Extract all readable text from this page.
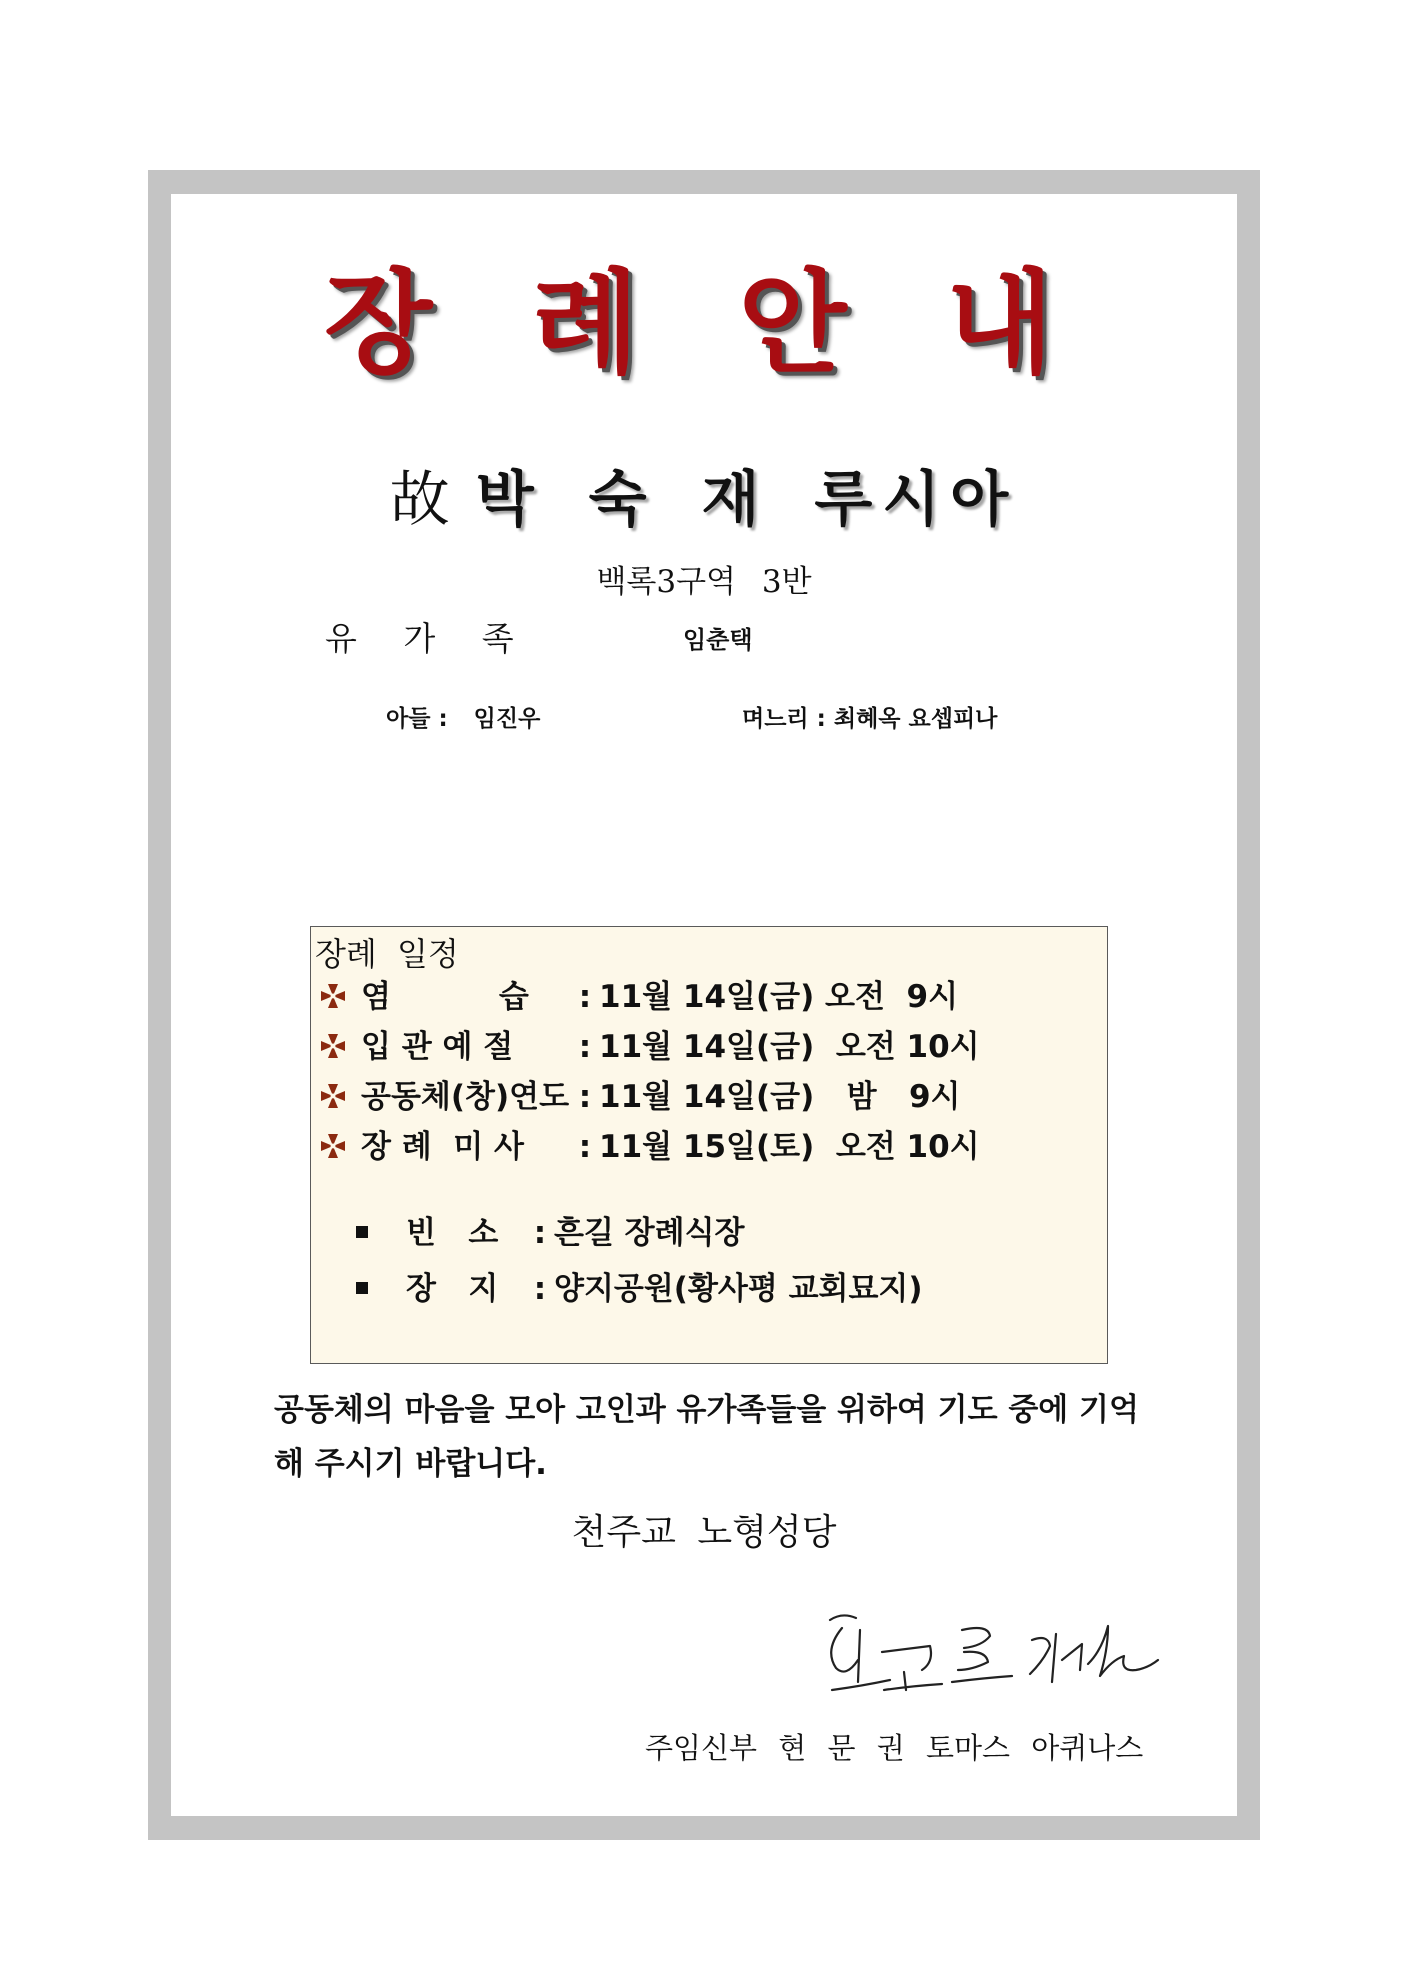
장 례 안 내
故 박 숙 재 루시아
백록3구역 3반
유 가 족	임춘택
아들 : 임진우	며느리 : 최혜옥 요셉피나
장례 일정
염          습 : 11월 14일(금) 오전  9시
입 관 예 절 : 11월 14일(금)  오전 10시
공동체(창)연도 : 11월 14일(금)   밤   9시
장 례  미 사 : 11월 15일(토)  오전 10시
빈   소 : 흔길 장례식장
장   지 : 양지공원(황사평 교회묘지)
공동체의 마음을 모아 고인과 유가족들을 위하여 기도 중에 기억해 주시기 바랍니다.
천주교 노형성당
주임신부 현 문 권 토마스 아퀴나스
